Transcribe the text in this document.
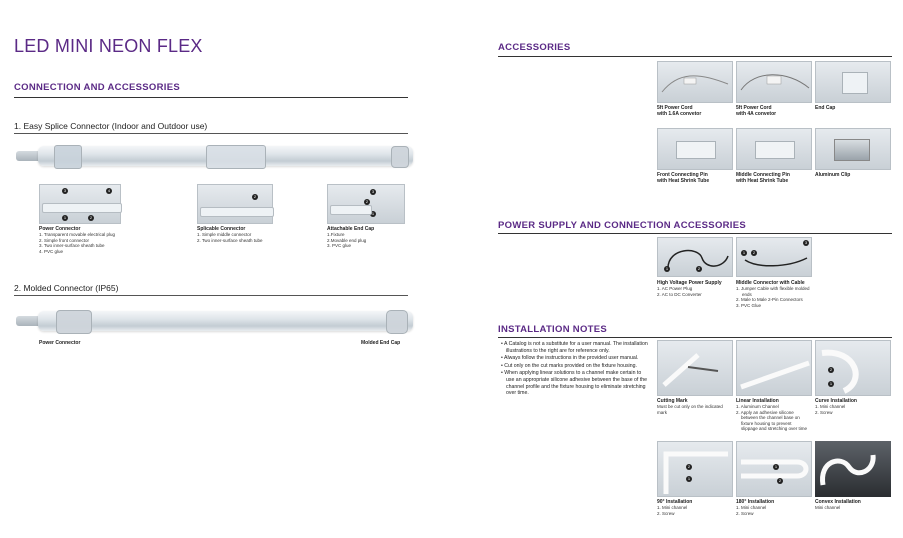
LED MINI NEON FLEX
CONNECTION AND ACCESSORIES
1. Easy Splice Connector (Indoor and Outdoor use)
3	4
1	2
2
3
2
1
Power Connector
1. Transparent movable electrical plug
2. Simple front connector
3. Two inner-surface sheath tube
4. PVC glue
Splicable Connector
1. Simple middle connector
2. Two inner-surface sheath tube
Attachable End Cap
1.Fixture
2.Movable end plug
3. PVC glue
2. Molded Connector (IP65)
Power Connector	Molded End Cap
ACCESSORIES
5ft Power Cord
with 1.6A convetor
5ft Power Cord
with 4A convetor
End Cap
Front Connecting Pin
with Heat Shrink Tube
Middle Connecting Pin
with Heat Shrink Tube
Aluminum Clip
POWER SUPPLY AND CONNECTION ACCESSORIES
1	2
3
2
1
High Voltage Power Supply
1. AC Power Plug
2. AC to DC Converter
Middle Connector with Cable
1. Jumper Cable with flexible molded
ends
2. Male to Male 2-Pin Connectors
3. PVC Glue
INSTALLATION NOTES
• A Catalog is not a substitute for a user manual. The installation illustrations to the right are for reference only.
• Always follow the instructions in the provided user manual.
• Cut only on the cut marks provided on the fixture housing.
• When applying linear solutions to a channel make certain to use an appropriate silicone adhesive between the base of the channel profile and the fixture housing to eliminate stretching over time.
2
1
Cutting Mark
Must be cut only on the indicated
mark
Linear Installation
1. Aluminum Channel
2. Apply an adhesive silicone
between the channel base on
fixture housing to prevent
slippage and stretching over time
Curve Installation
1. Mini channel
2. Screw
2
1
1
2
90° Installation
1. Mini channel
2. Screw
180° Installation
1. Mini channel
2. Screw
Convex Installation
Mini channel
